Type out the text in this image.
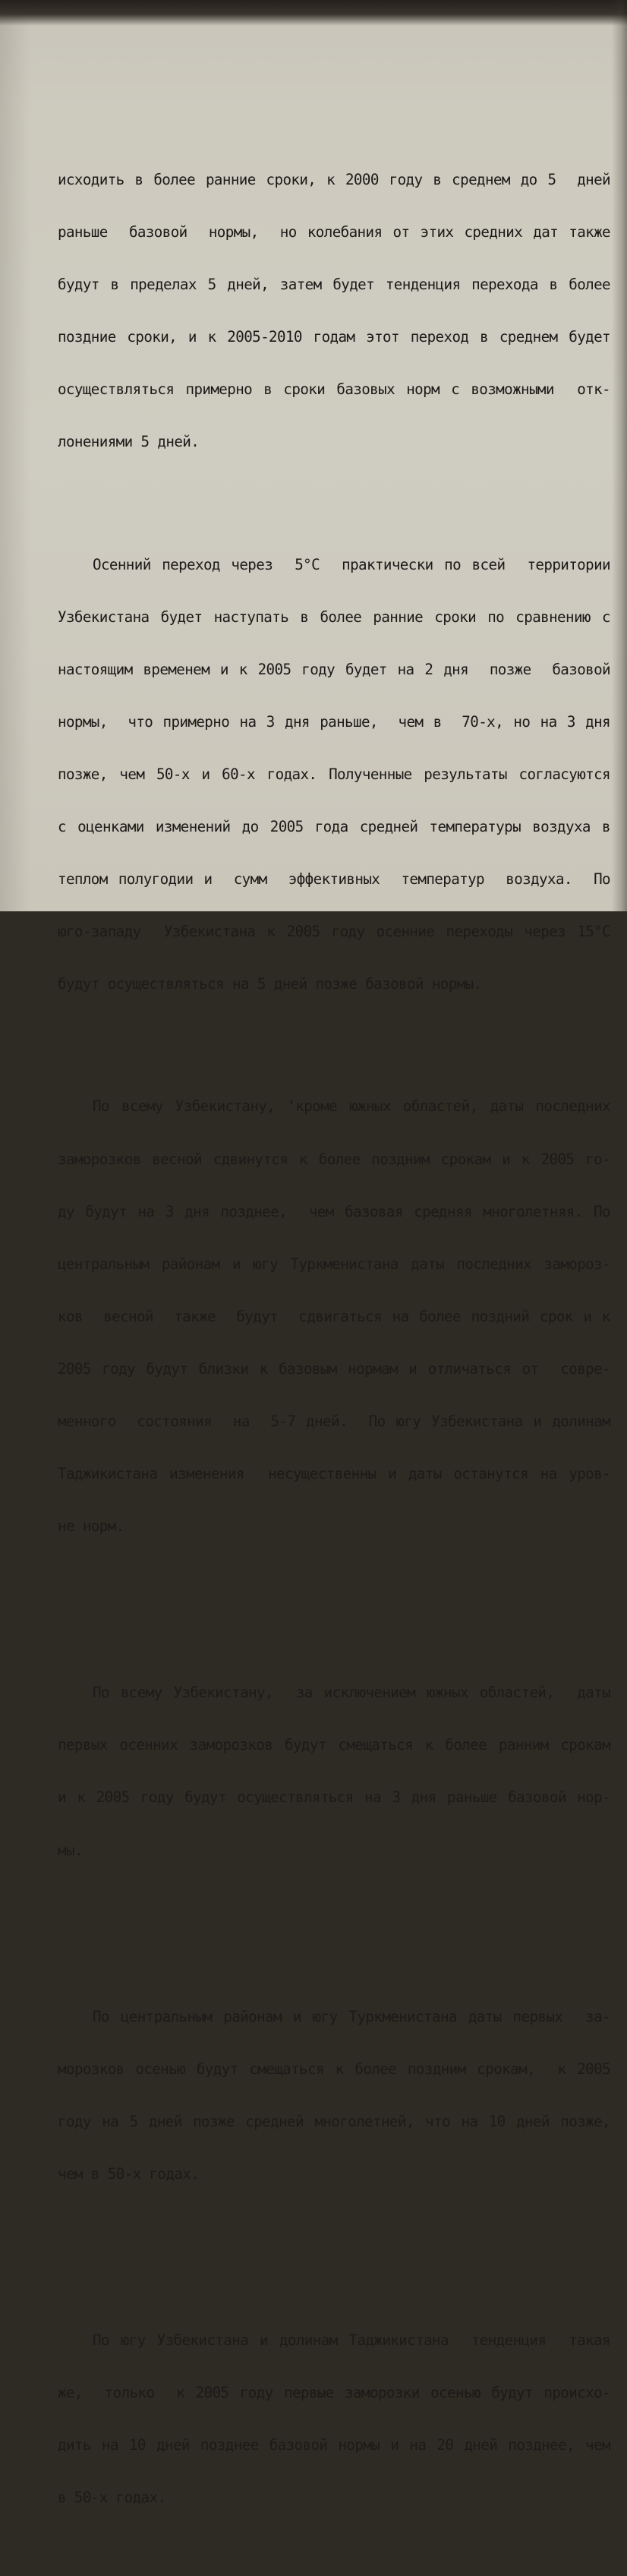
исходить в более ранние сроки, к 2000 году в среднем до 5  дней

раньше  базовой  нормы,  но колебания от этих средних дат также

будут в пределах 5 дней, затем будет тенденция перехода в более

поздние сроки, и к 2005-2010 годам этот переход в среднем будет

осуществляться примерно в сроки базовых норм с возможными  отк-

лонениями 5 дней.

Осенний переход через  5°С  практически по всей  территории

Узбекистана будет наступать в более ранние сроки по сравнению с

настоящим временем и к 2005 году будет на 2 дня  позже  базовой

нормы,  что примерно на 3 дня раньше,  чем в  70-х, но на 3 дня

позже, чем 50-х и 60-х годах. Полученные результаты согласуются

с оценками изменений до 2005 года средней температуры воздуха в

теплом полугодии и  сумм  эффективных  температур  воздуха.  По

юго-западу  Узбекистана к 2005 году осенние переходы через 15°С

будут осуществляться на 5 дней позже базовой нормы.

По всему Узбекистану, 'кроме южных областей, даты последних

заморозков весной сдвинутся к более поздним срокам и к 2005 го-

ду будут на 3 дня позднее,  чем базовая средняя многолетняя. По

центральным районам и югу Туркменистана даты последних замороз-

ков  весной  также  будут  сдвигаться на более поздний срок и к

2005 году будут близки к базовым нормам и отличаться от  совре-

менного  состояния  на  5-7 дней.  По югу Узбекистана и долинам

Таджикистана изменения  несущественны и даты останутся на уров-

не норм.

По всему Узбекистану,  за исключением южных областей,  даты

первых осенних заморозков будут смещаться к более ранним срокам

и к 2005 году будут осуществляться на 3 дня раньше базовой нор-

мы.

По центральным районам и югу Туркменистана даты первых  за-

морозков осенью будут смещаться к более поздним срокам,  к 2005

году на 5 дней позже средней многолетней, что на 10 дней позже,

чем в 50-х годах.

По югу Узбекистана и долинам Таджикистана  тенденция  такая

же,  только  к 2005 году первые заморозки осенью будут происхо-

дить на 10 дней позднее базовой нормы и на 20 дней позднее, чем

в 50-х годах.
